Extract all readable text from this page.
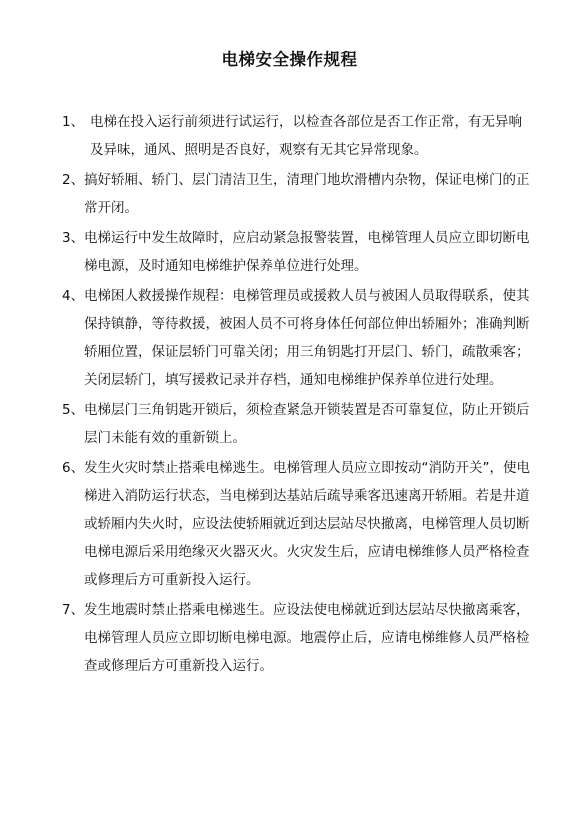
电梯安全操作规程
1、 电梯在投入运行前须进行试运行，以检查各部位是否工作正常，有无异响及异味，通风、照明是否良好，观察有无其它异常现象。
2、 搞好轿厢、轿门、层门清洁卫生，清理门地坎滑槽内杂物，保证电梯门的正常开闭。
3、 电梯运行中发生故障时，应启动紧急报警装置，电梯管理人员应立即切断电梯电源，及时通知电梯维护保养单位进行处理。
4、 电梯困人救援操作规程：电梯管理员或援救人员与被困人员取得联系，使其保持镇静，等待救援，被困人员不可将身体任何部位伸出轿厢外；准确判断轿厢位置，保证层轿门可靠关闭；用三角钥匙打开层门、轿门，疏散乘客；关闭层轿门，填写援救记录并存档，通知电梯维护保养单位进行处理。
5、 电梯层门三角钥匙开锁后，须检查紧急开锁装置是否可靠复位，防止开锁后层门未能有效的重新锁上。
6、 发生火灾时禁止搭乘电梯逃生。电梯管理人员应立即按动“消防开关”，使电梯进入消防运行状态，当电梯到达基站后疏导乘客迅速离开轿厢。若是井道或轿厢内失火时，应设法使轿厢就近到达层站尽快撤离，电梯管理人员切断电梯电源后采用绝缘灭火器灭火。火灾发生后，应请电梯维修人员严格检查或修理后方可重新投入运行。
7、 发生地震时禁止搭乘电梯逃生。应设法使电梯就近到达层站尽快撤离乘客，电梯管理人员应立即切断电梯电源。地震停止后，应请电梯维修人员严格检查或修理后方可重新投入运行。
